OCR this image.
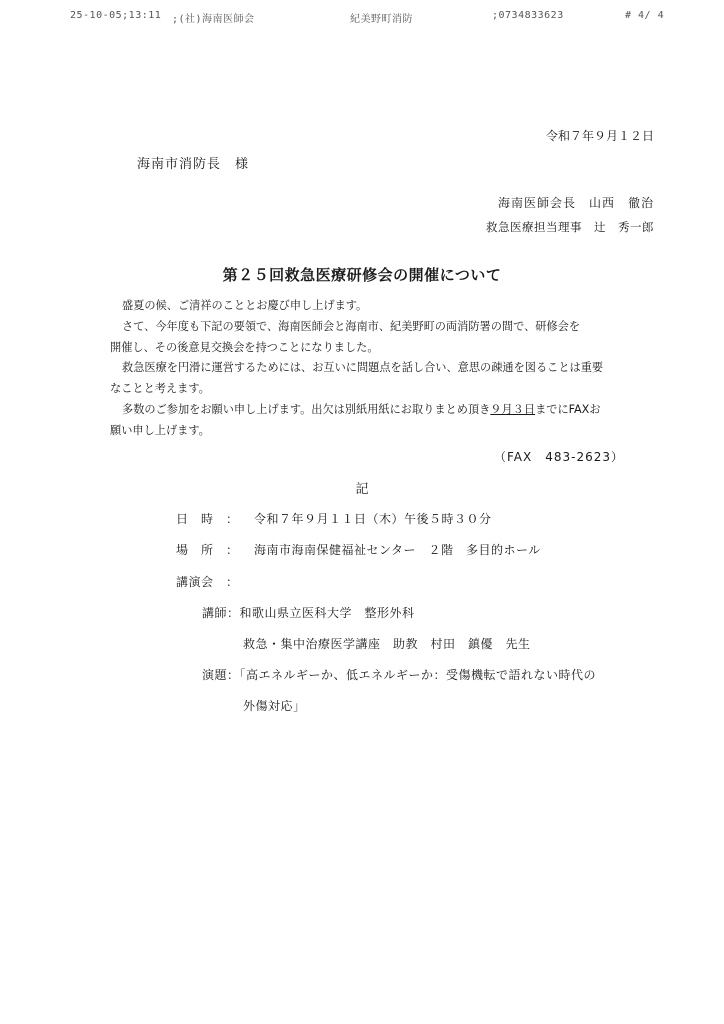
25-10-05;13:11 ;(社)海南医師会	紀美野町消防	;0734833623	# 4/ 4
令和７年９月１２日
海南市消防長　様
海南医師会長　山西　徹治
救急医療担当理事　辻　秀一郎
第２５回救急医療研修会の開催について

盛夏の候、ご清祥のこととお慶び申し上げます。

さて、今年度も下記の要領で、海南医師会と海南市、紀美野町の両消防署の間で、研修会を

開催し、その後意見交換会を持つことになりました。

救急医療を円滑に運営するためには、お互いに問題点を話し合い、意思の疎通を図ることは重要

なことと考えます。

多数のご参加をお願い申し上げます。出欠は別紙用紙にお取りまとめ頂き９月３日までにFAXお

願い申し上げます。

（FAX　483-2623）
記
日　時　： 令和７年９月１１日（木）午後５時３０分
場　所　： 海南市海南保健福祉センター　２階　多目的ホール
講演会　：
講師：和歌山県立医科大学　整形外科
救急・集中治療医学講座　助教　村田　鎮優　先生
演題：「高エネルギーか、低エネルギーか：受傷機転で語れない時代の
外傷対応」
